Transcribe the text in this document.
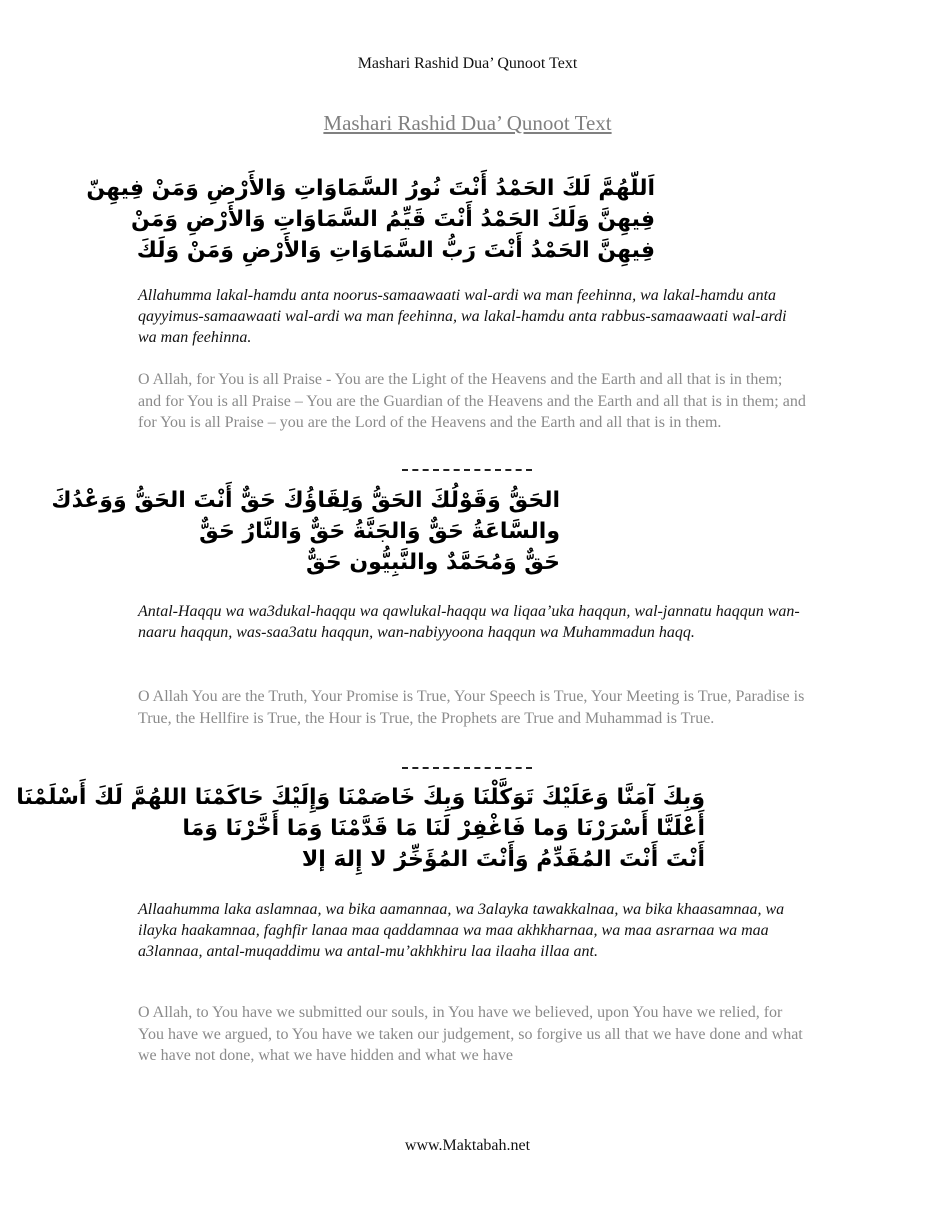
Mashari Rashid Dua’ Qunoot Text
Mashari Rashid Dua’ Qunoot Text
اَللّهُمَّ لَكَ الحَمْدُ أَنْتَ نُورُ السَّمَاوَاتِ وَالأَرْضِ وَمَنْ فِيهِنّ
فِيهِنَّ وَلَكَ الحَمْدُ أَنْتَ قَيِّمُ السَّمَاوَاتِ وَالأَرْضِ وَمَنْ
فِيهِنَّ الحَمْدُ أَنْتَ رَبُّ السَّمَاوَاتِ وَالأَرْضِ وَمَنْ وَلَكَ
Allahumma lakal-hamdu anta noorus-samaawaati wal-ardi wa man feehinna, wa lakal-hamdu anta qayyimus-samaawaati wal-ardi wa man feehinna, wa lakal-hamdu anta rabbus-samaawaati wal-ardi wa man feehinna.
O Allah, for You is all Praise - You are the Light of the Heavens and the Earth and all that is in them; and for You is all Praise – You are the Guardian of the Heavens and the Earth and all that is in them; and for You is all Praise – you are the Lord of the Heavens and the Earth and all that is in them.
الحَقُّ وَقَوْلُكَ الحَقُّ وَلِقَاؤُكَ حَقٌّ أَنْتَ الحَقُّ وَوَعْدُكَ
والسَّاعَةُ حَقٌّ وَالجَنَّةُ حَقٌّ وَالنَّارُ حَقٌّ
حَقٌّ وَمُحَمَّدٌ والنَّبِيُّون حَقٌّ
Antal-Haqqu wa wa3dukal-haqqu wa qawlukal-haqqu wa liqaa’uka haqqun, wal-jannatu haqqun wan-naaru haqqun, was-saa3atu haqqun, wan-nabiyyoona haqqun wa Muhammadun haqq.
O Allah You are the Truth, Your Promise is True, Your Speech is True, Your Meeting is True, Paradise is True, the Hellfire is True, the Hour is True, the Prophets are True and Muhammad is True.
وَبِكَ آمَنَّا وَعَلَيْكَ تَوَكَّلْنَا وَبِكَ خَاصَمْنَا وَإِلَيْكَ حَاكَمْنَا اللهُمَّ لَكَ أَسْلَمْنَا
أَعْلَنَّا أَسْرَرْنَا وَما فَاغْفِرْ لَنَا مَا قَدَّمْنَا وَمَا أَخَّرْنَا وَمَا
أَنْتَ أَنْتَ المُقَدِّمُ وَأَنْتَ المُؤَخِّرُ لا إِلهَ إلا
Allaahumma laka aslamnaa, wa bika aamannaa, wa 3alayka tawakkalnaa, wa bika khaasamnaa, wa ilayka haakamnaa, faghfir lanaa maa qaddamnaa wa maa akhkharnaa, wa maa asrarnaa wa maa a3lannaa, antal-muqaddimu wa antal-mu’akhkhiru laa ilaaha illaa ant.
O Allah, to You have we submitted our souls, in You have we believed, upon You have we relied, for You have we argued, to You have we taken our judgement, so forgive us all that we have done and what we have not done, what we have hidden and what we have
www.Maktabah.net
